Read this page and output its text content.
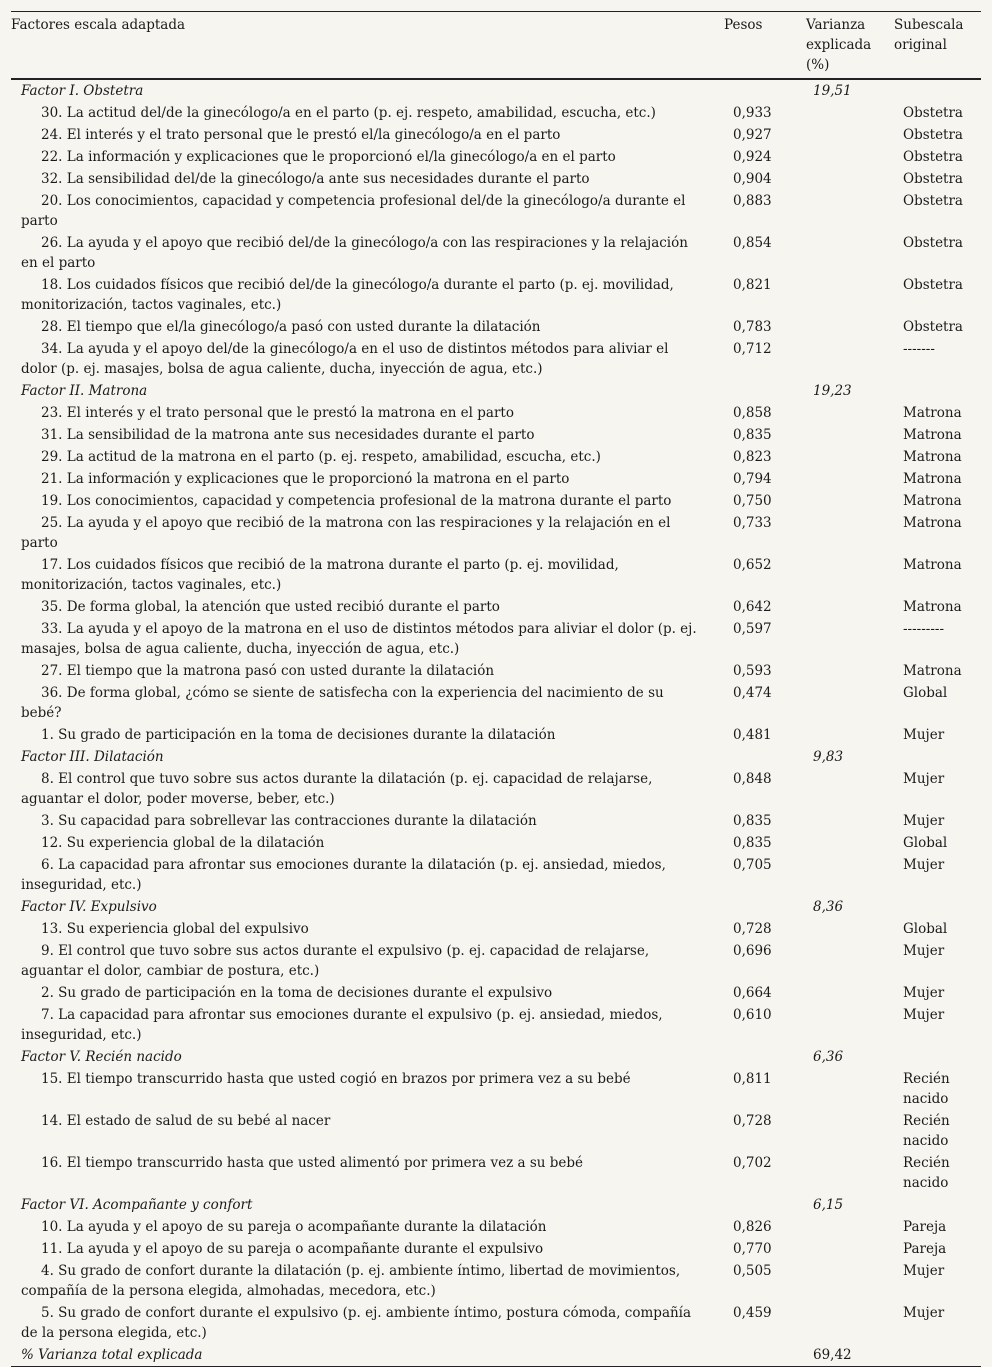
Factores escala adaptada	Pesos	Varianza explicada (%)	Subescala original
Factor I. Obstetra		19,51	
30. La actitud del/de la ginecólogo/a en el parto (p. ej. respeto, amabilidad, escucha, etc.)	0,933		Obstetra
24. El interés y el trato personal que le prestó el/la ginecólogo/a en el parto	0,927		Obstetra
22. La información y explicaciones que le proporcionó el/la ginecólogo/a en el parto	0,924		Obstetra
32. La sensibilidad del/de la ginecólogo/a ante sus necesidades durante el parto	0,904		Obstetra
20. Los conocimientos, capacidad y competencia profesional del/de la ginecólogo/a durante el parto	0,883		Obstetra
26. La ayuda y el apoyo que recibió del/de la ginecólogo/a con las respiraciones y la relajación en el parto	0,854		Obstetra
18. Los cuidados físicos que recibió del/de la ginecólogo/a durante el parto (p. ej. movilidad, monitorización, tactos vaginales, etc.)	0,821		Obstetra
28. El tiempo que el/la ginecólogo/a pasó con usted durante la dilatación	0,783		Obstetra
34. La ayuda y el apoyo del/de la ginecólogo/a en el uso de distintos métodos para aliviar el dolor (p. ej. masajes, bolsa de agua caliente, ducha, inyección de agua, etc.)	0,712		-------
Factor II. Matrona		19,23	
23. El interés y el trato personal que le prestó la matrona en el parto	0,858		Matrona
31. La sensibilidad de la matrona ante sus necesidades durante el parto	0,835		Matrona
29. La actitud de la matrona en el parto (p. ej. respeto, amabilidad, escucha, etc.)	0,823		Matrona
21. La información y explicaciones que le proporcionó la matrona en el parto	0,794		Matrona
19. Los conocimientos, capacidad y competencia profesional de la matrona durante el parto	0,750		Matrona
25. La ayuda y el apoyo que recibió de la matrona con las respiraciones y la relajación en el parto	0,733		Matrona
17. Los cuidados físicos que recibió de la matrona durante el parto (p. ej. movilidad, monitorización, tactos vaginales, etc.)	0,652		Matrona
35. De forma global, la atención que usted recibió durante el parto	0,642		Matrona
33. La ayuda y el apoyo de la matrona en el uso de distintos métodos para aliviar el dolor (p. ej. masajes, bolsa de agua caliente, ducha, inyección de agua, etc.)	0,597		---------
27. El tiempo que la matrona pasó con usted durante la dilatación	0,593		Matrona
36. De forma global, ¿cómo se siente de satisfecha con la experiencia del nacimiento de su bebé?	0,474		Global
1. Su grado de participación en la toma de decisiones durante la dilatación	0,481		Mujer
Factor III. Dilatación		9,83	
8. El control que tuvo sobre sus actos durante la dilatación (p. ej. capacidad de relajarse, aguantar el dolor, poder moverse, beber, etc.)	0,848		Mujer
3. Su capacidad para sobrellevar las contracciones durante la dilatación	0,835		Mujer
12. Su experiencia global de la dilatación	0,835		Global
6. La capacidad para afrontar sus emociones durante la dilatación (p. ej. ansiedad, miedos, inseguridad, etc.)	0,705		Mujer
Factor IV. Expulsivo		8,36	
13. Su experiencia global del expulsivo	0,728		Global
9. El control que tuvo sobre sus actos durante el expulsivo (p. ej. capacidad de relajarse, aguantar el dolor, cambiar de postura, etc.)	0,696		Mujer
2. Su grado de participación en la toma de decisiones durante el expulsivo	0,664		Mujer
7. La capacidad para afrontar sus emociones durante el expulsivo (p. ej. ansiedad, miedos, inseguridad, etc.)	0,610		Mujer
Factor V. Recién nacido		6,36	
15. El tiempo transcurrido hasta que usted cogió en brazos por primera vez a su bebé	0,811		Recién nacido
14. El estado de salud de su bebé al nacer	0,728		Recién nacido
16. El tiempo transcurrido hasta que usted alimentó por primera vez a su bebé	0,702		Recién nacido
Factor VI. Acompañante y confort		6,15	
10. La ayuda y el apoyo de su pareja o acompañante durante la dilatación	0,826		Pareja
11. La ayuda y el apoyo de su pareja o acompañante durante el expulsivo	0,770		Pareja
4. Su grado de confort durante la dilatación (p. ej. ambiente íntimo, libertad de movimientos, compañía de la persona elegida, almohadas, mecedora, etc.)	0,505		Mujer
5. Su grado de confort durante el expulsivo (p. ej. ambiente íntimo, postura cómoda, compañía de la persona elegida, etc.)	0,459		Mujer
% Varianza total explicada		69,42	
